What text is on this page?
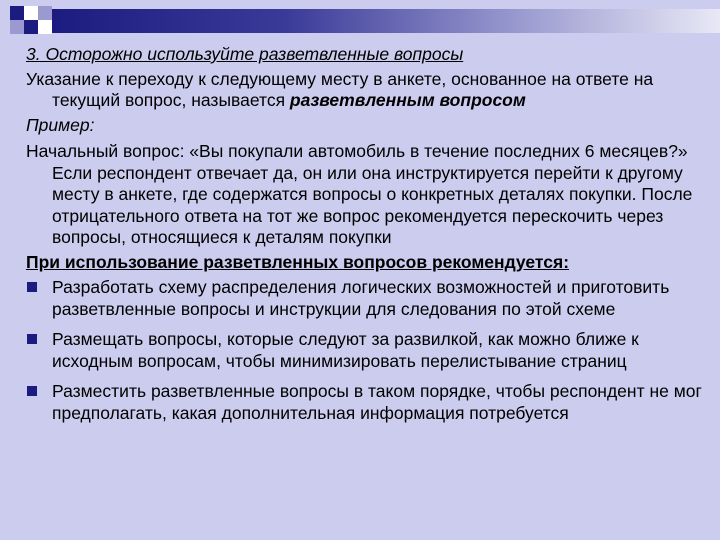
3. Осторожно используйте разветвленные вопросы

Указание к переходу к следующему месту в анкете, основанное на ответе на текущий вопрос, называется разветвленным вопросом

Пример:

Начальный вопрос: «Вы покупали автомобиль в течение последних 6 месяцев?» Если респондент отвечает да, он или она инструктируется перейти к другому месту в анкете, где содержатся вопросы о конкретных деталях покупки. После отрицательного ответа на тот же вопрос рекомендуется перескочить через вопросы, относящиеся к деталям покупки

При использование разветвленных вопросов рекомендуется:

Разработать схему распределения логических возможностей и приготовить разветвленные вопросы и инструкции для следования по этой схеме
Размещать вопросы, которые следуют за развилкой, как можно ближе к исходным вопросам, чтобы минимизировать перелистывание страниц
Разместить разветвленные вопросы в таком порядке, чтобы респондент не мог предполагать, какая дополнительная информация потребуется
